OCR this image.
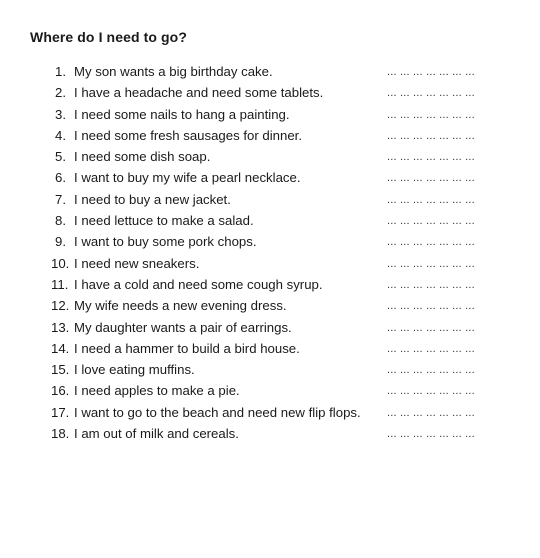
Where do I need to go?
1. My son wants a big birthday cake.	... ... ... ... ... ... ...
2. I have a headache and need some tablets.	... ... ... ... ... ... ...
3. I need some nails to hang a painting.	... ... ... ... ... ... ...
4. I need some fresh sausages for dinner.	... ... ... ... ... ... ...
5. I need some dish soap.	... ... ... ... ... ... ...
6. I want to buy my wife a pearl necklace.	... ... ... ... ... ... ...
7. I need to buy a new jacket.	... ... ... ... ... ... ...
8. I need lettuce to make a salad.	... ... ... ... ... ... ...
9. I want to buy some pork chops.	... ... ... ... ... ... ...
10. I need new sneakers.	... ... ... ... ... ... ...
11. I have a cold and need some cough syrup.	... ... ... ... ... ... ...
12. My wife needs a new evening dress.	... ... ... ... ... ... ...
13. My daughter wants a pair of earrings.	... ... ... ... ... ... ...
14. I need a hammer to build a bird house.	... ... ... ... ... ... ...
15. I love eating muffins.	... ... ... ... ... ... ...
16. I need apples to make a pie.	... ... ... ... ... ... ...
17. I want to go to the beach and need new flip flops. ... ... ... ... ... ... ...
18. I am out of milk and cereals.	... ... ... ... ... ... ...
